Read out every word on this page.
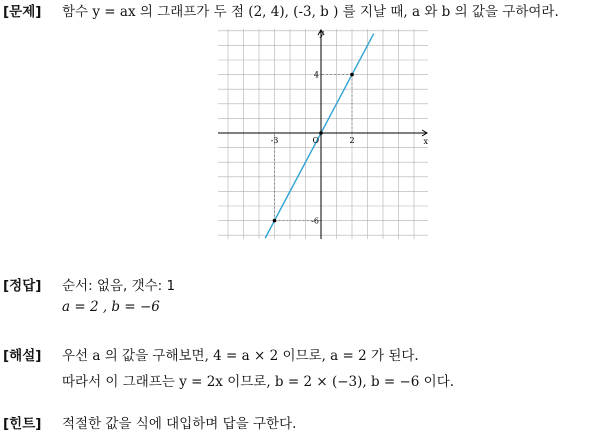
[문제] 함수 y = ax 의 그래프가 두 점 (2, 4), (-3, b ) 를 지날 때, a 와 b 의 값을 구하여라.
x
y
O
-3	2
4
-6
[정답] 순서: 없음, 갯수: 1
a = 2 , b = −6
[해설] 우선 a 의 값을 구해보면, 4 = a × 2 이므로, a = 2 가 된다.
따라서 이 그래프는 y = 2x 이므로, b = 2 × (−3), b = −6 이다.
[힌트] 적절한 값을 식에 대입하며 답을 구한다.
